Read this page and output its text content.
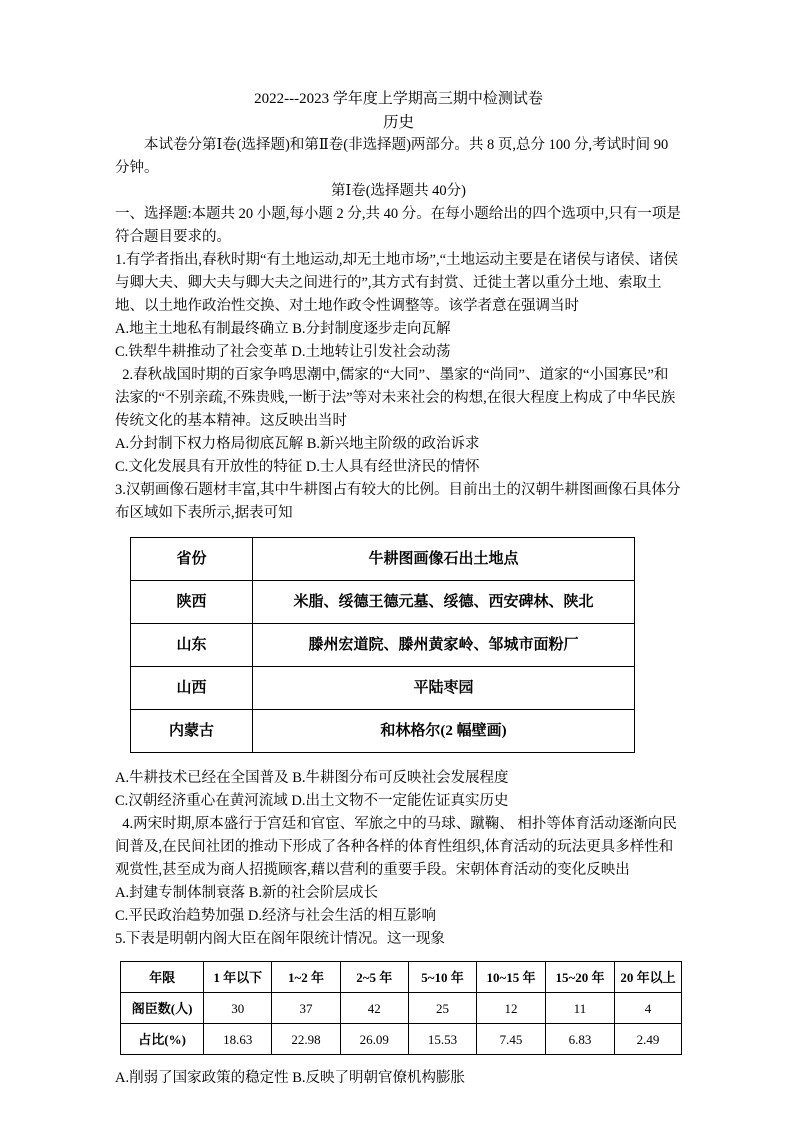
2022---2023 学年度上学期高三期中检测试卷

历史

本试卷分第Ⅰ卷(选择题)和第Ⅱ卷(非选择题)两部分。共 8 页,总分 100 分,考试时间 90 分钟。

第Ⅰ卷(选择题共 40分)

一、选择题:本题共 20 小题,每小题 2 分,共 40 分。在每小题给出的四个选项中,只有一项是符合题目要求的。

1.有学者指出,春秋时期“有土地运动,却无土地市场”,“土地运动主要是在诸侯与诸侯、诸侯与卿大夫、卿大夫与卿大夫之间进行的”,其方式有封赏、迁徙土著以重分土地、索取土地、以土地作政治性交换、对土地作政令性调整等。该学者意在强调当时

A.地主土地私有制最终确立 B.分封制度逐步走向瓦解

C.铁犁牛耕推动了社会变革 D.土地转让引发社会动荡

2.春秋战国时期的百家争鸣思潮中,儒家的“大同”、墨家的“尚同”、道家的“小国寡民”和法家的“不别亲疏,不殊贵贱,一断于法”等对未来社会的构想,在很大程度上构成了中华民族传统文化的基本精神。这反映出当时

A.分封制下权力格局彻底瓦解 B.新兴地主阶级的政治诉求

C.文化发展具有开放性的特征 D.士人具有经世济民的情怀

3.汉朝画像石题材丰富,其中牛耕图占有较大的比例。目前出土的汉朝牛耕图画像石具体分布区域如下表所示,据表可知

省份	牛耕图画像石出土地点
陕西	米脂、绥德王德元墓、绥德、西安碑林、陕北
山东	滕州宏道院、滕州黄家岭、邹城市面粉厂
山西	平陆枣园
内蒙古	和林格尔(2 幅壁画)

A.牛耕技术已经在全国普及 B.牛耕图分布可反映社会发展程度

C.汉朝经济重心在黄河流域 D.出土文物不一定能佐证真实历史

4.两宋时期,原本盛行于宫廷和官宦、军旅之中的马球、蹴鞠、 相扑等体育活动逐渐向民间普及,在民间社团的推动下形成了各种各样的体育性组织,体育活动的玩法更具多样性和观赏性,甚至成为商人招揽顾客,藉以营利的重要手段。宋朝体育活动的变化反映出

A.封建专制体制衰落 B.新的社会阶层成长

C.平民政治趋势加强 D.经济与社会生活的相互影响

5.下表是明朝内阁大臣在阁年限统计情况。这一现象

年限	1 年以下	1~2 年	2~5 年	5~10 年	10~15 年	15~20 年	20 年以上
阁臣数(人)	30	37	42	25	12	11	4
占比(%)	18.63	22.98	26.09	15.53	7.45	6.83	2.49

A.削弱了国家政策的稳定性 B.反映了明朝官僚机构膨胀
